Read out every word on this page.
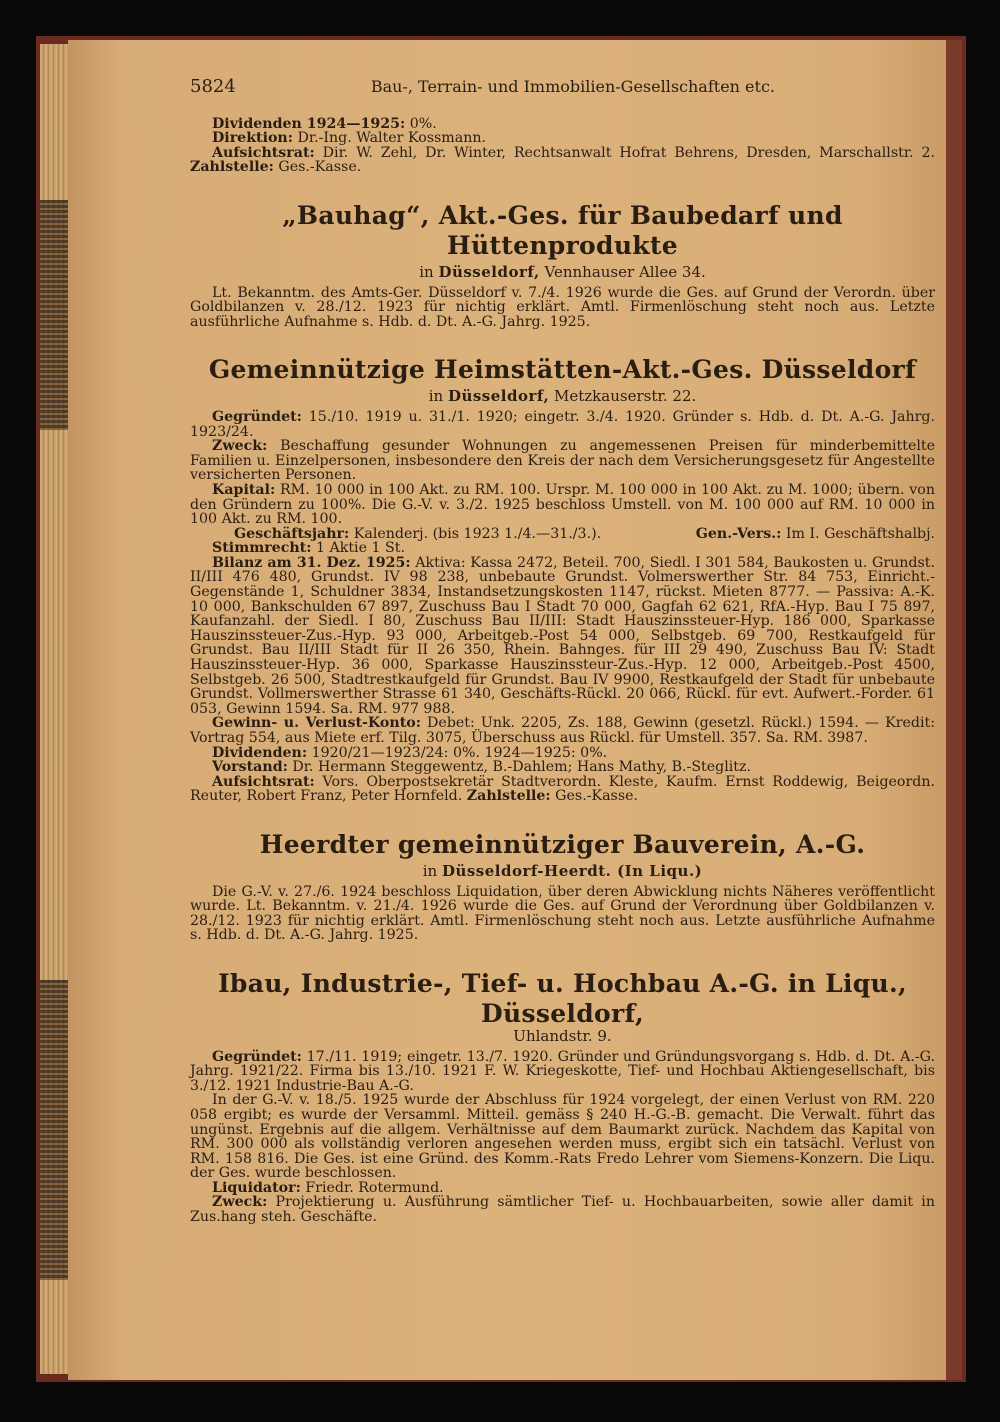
5824	Bau-, Terrain- und Immobilien-Gesellschaften etc.

Dividenden 1924—1925: 0%.

Direktion: Dr.-Ing. Walter Kossmann.

Aufsichtsrat: Dir. W. Zehl, Dr. Winter, Rechtsanwalt Hofrat Behrens, Dresden, Marschallstr. 2. Zahlstelle: Ges.-Kasse.

„Bauhag“, Akt.-Ges. für Baubedarf und Hüttenprodukte
in Düsseldorf, Vennhauser Allee 34.

Lt. Bekanntm. des Amts-Ger. Düsseldorf v. 7./4. 1926 wurde die Ges. auf Grund der Verordn. über Goldbilanzen v. 28./12. 1923 für nichtig erklärt. Amtl. Firmenlöschung steht noch aus. Letzte ausführliche Aufnahme s. Hdb. d. Dt. A.-G. Jahrg. 1925.

Gemeinnützige Heimstätten-Akt.-Ges. Düsseldorf
in Düsseldorf, Metzkauserstr. 22.

Gegründet: 15./10. 1919 u. 31./1. 1920; eingetr. 3./4. 1920. Gründer s. Hdb. d. Dt. A.-G. Jahrg. 1923/24.

Zweck: Beschaffung gesunder Wohnungen zu angemessenen Preisen für minderbemittelte Familien u. Einzelpersonen, insbesondere den Kreis der nach dem Versicherungsgesetz für Angestellte versicherten Personen.

Kapital: RM. 10 000 in 100 Akt. zu RM. 100. Urspr. M. 100 000 in 100 Akt. zu M. 1000; übern. von den Gründern zu 100%. Die G.-V. v. 3./2. 1925 beschloss Umstell. von M. 100 000 auf RM. 10 000 in 100 Akt. zu RM. 100.

Geschäftsjahr: Kalenderj. (bis 1923 1./4.—31./3.).	Gen.-Vers.: Im I. Geschäftshalbj.

Stimmrecht: 1 Aktie 1 St.

Bilanz am 31. Dez. 1925: Aktiva: Kassa 2472, Beteil. 700, Siedl. I 301 584, Baukosten u. Grundst. II/III 476 480, Grundst. IV 98 238, unbebaute Grundst. Volmerswerther Str. 84 753, Einricht.-Gegenstände 1, Schuldner 3834, Instandsetzungskosten 1147, rückst. Mieten 8777. — Passiva: A.-K. 10 000, Bankschulden 67 897, Zuschuss Bau I Stadt 70 000, Gagfah 62 621, RfA.-Hyp. Bau I 75 897, Kaufanzahl. der Siedl. I 80, Zuschuss Bau II/III: Stadt Hauszinssteuer-Hyp. 186 000, Sparkasse Hauszinssteuer-Zus.-Hyp. 93 000, Arbeitgeb.-Post 54 000, Selbstgeb. 69 700, Restkaufgeld für Grundst. Bau II/III Stadt für II 26 350, Rhein. Bahnges. für III 29 490, Zuschuss Bau IV: Stadt Hauszinssteuer-Hyp. 36 000, Sparkasse Hauszinssteur-Zus.-Hyp. 12 000, Arbeitgeb.-Post 4500, Selbstgeb. 26 500, Stadtrestkaufgeld für Grundst. Bau IV 9900, Restkaufgeld der Stadt für unbebaute Grundst. Vollmerswerther Strasse 61 340, Geschäfts-Rückl. 20 066, Rückl. für evt. Aufwert.-Forder. 61 053, Gewinn 1594. Sa. RM. 977 988.

Gewinn- u. Verlust-Konto: Debet: Unk. 2205, Zs. 188, Gewinn (gesetzl. Rückl.) 1594. — Kredit: Vortrag 554, aus Miete erf. Tilg. 3075, Überschuss aus Rückl. für Umstell. 357. Sa. RM. 3987.

Dividenden: 1920/21—1923/24: 0%. 1924—1925: 0%.

Vorstand: Dr. Hermann Steggewentz, B.-Dahlem; Hans Mathy, B.-Steglitz.

Aufsichtsrat: Vors. Oberpostsekretär Stadtverordn. Kleste, Kaufm. Ernst Roddewig, Beigeordn. Reuter, Robert Franz, Peter Hornfeld. Zahlstelle: Ges.-Kasse.

Heerdter gemeinnütziger Bauverein, A.-G.
in Düsseldorf-Heerdt. (In Liqu.)

Die G.-V. v. 27./6. 1924 beschloss Liquidation, über deren Abwicklung nichts Näheres veröffentlicht wurde. Lt. Bekanntm. v. 21./4. 1926 wurde die Ges. auf Grund der Verordnung über Goldbilanzen v. 28./12. 1923 für nichtig erklärt. Amtl. Firmenlöschung steht noch aus. Letzte ausführliche Aufnahme s. Hdb. d. Dt. A.-G. Jahrg. 1925.

Ibau, Industrie-, Tief- u. Hochbau A.-G. in Liqu., Düsseldorf,
Uhlandstr. 9.

Gegründet: 17./11. 1919; eingetr. 13./7. 1920. Gründer und Gründungsvorgang s. Hdb. d. Dt. A.-G. Jahrg. 1921/22. Firma bis 13./10. 1921 F. W. Kriegeskotte, Tief- und Hochbau Aktiengesellschaft, bis 3./12. 1921 Industrie-Bau A.-G.

In der G.-V. v. 18./5. 1925 wurde der Abschluss für 1924 vorgelegt, der einen Verlust von RM. 220 058 ergibt; es wurde der Versamml. Mitteil. gemäss § 240 H.-G.-B. gemacht. Die Verwalt. führt das ungünst. Ergebnis auf die allgem. Verhältnisse auf dem Baumarkt zurück. Nachdem das Kapital von RM. 300 000 als vollständig verloren angesehen werden muss, ergibt sich ein tatsächl. Verlust von RM. 158 816. Die Ges. ist eine Gründ. des Komm.-Rats Fredo Lehrer vom Siemens-Konzern. Die Liqu. der Ges. wurde beschlossen.

Liquidator: Friedr. Rotermund.

Zweck: Projektierung u. Ausführung sämtlicher Tief- u. Hochbauarbeiten, sowie aller damit in Zus.hang steh. Geschäfte.
